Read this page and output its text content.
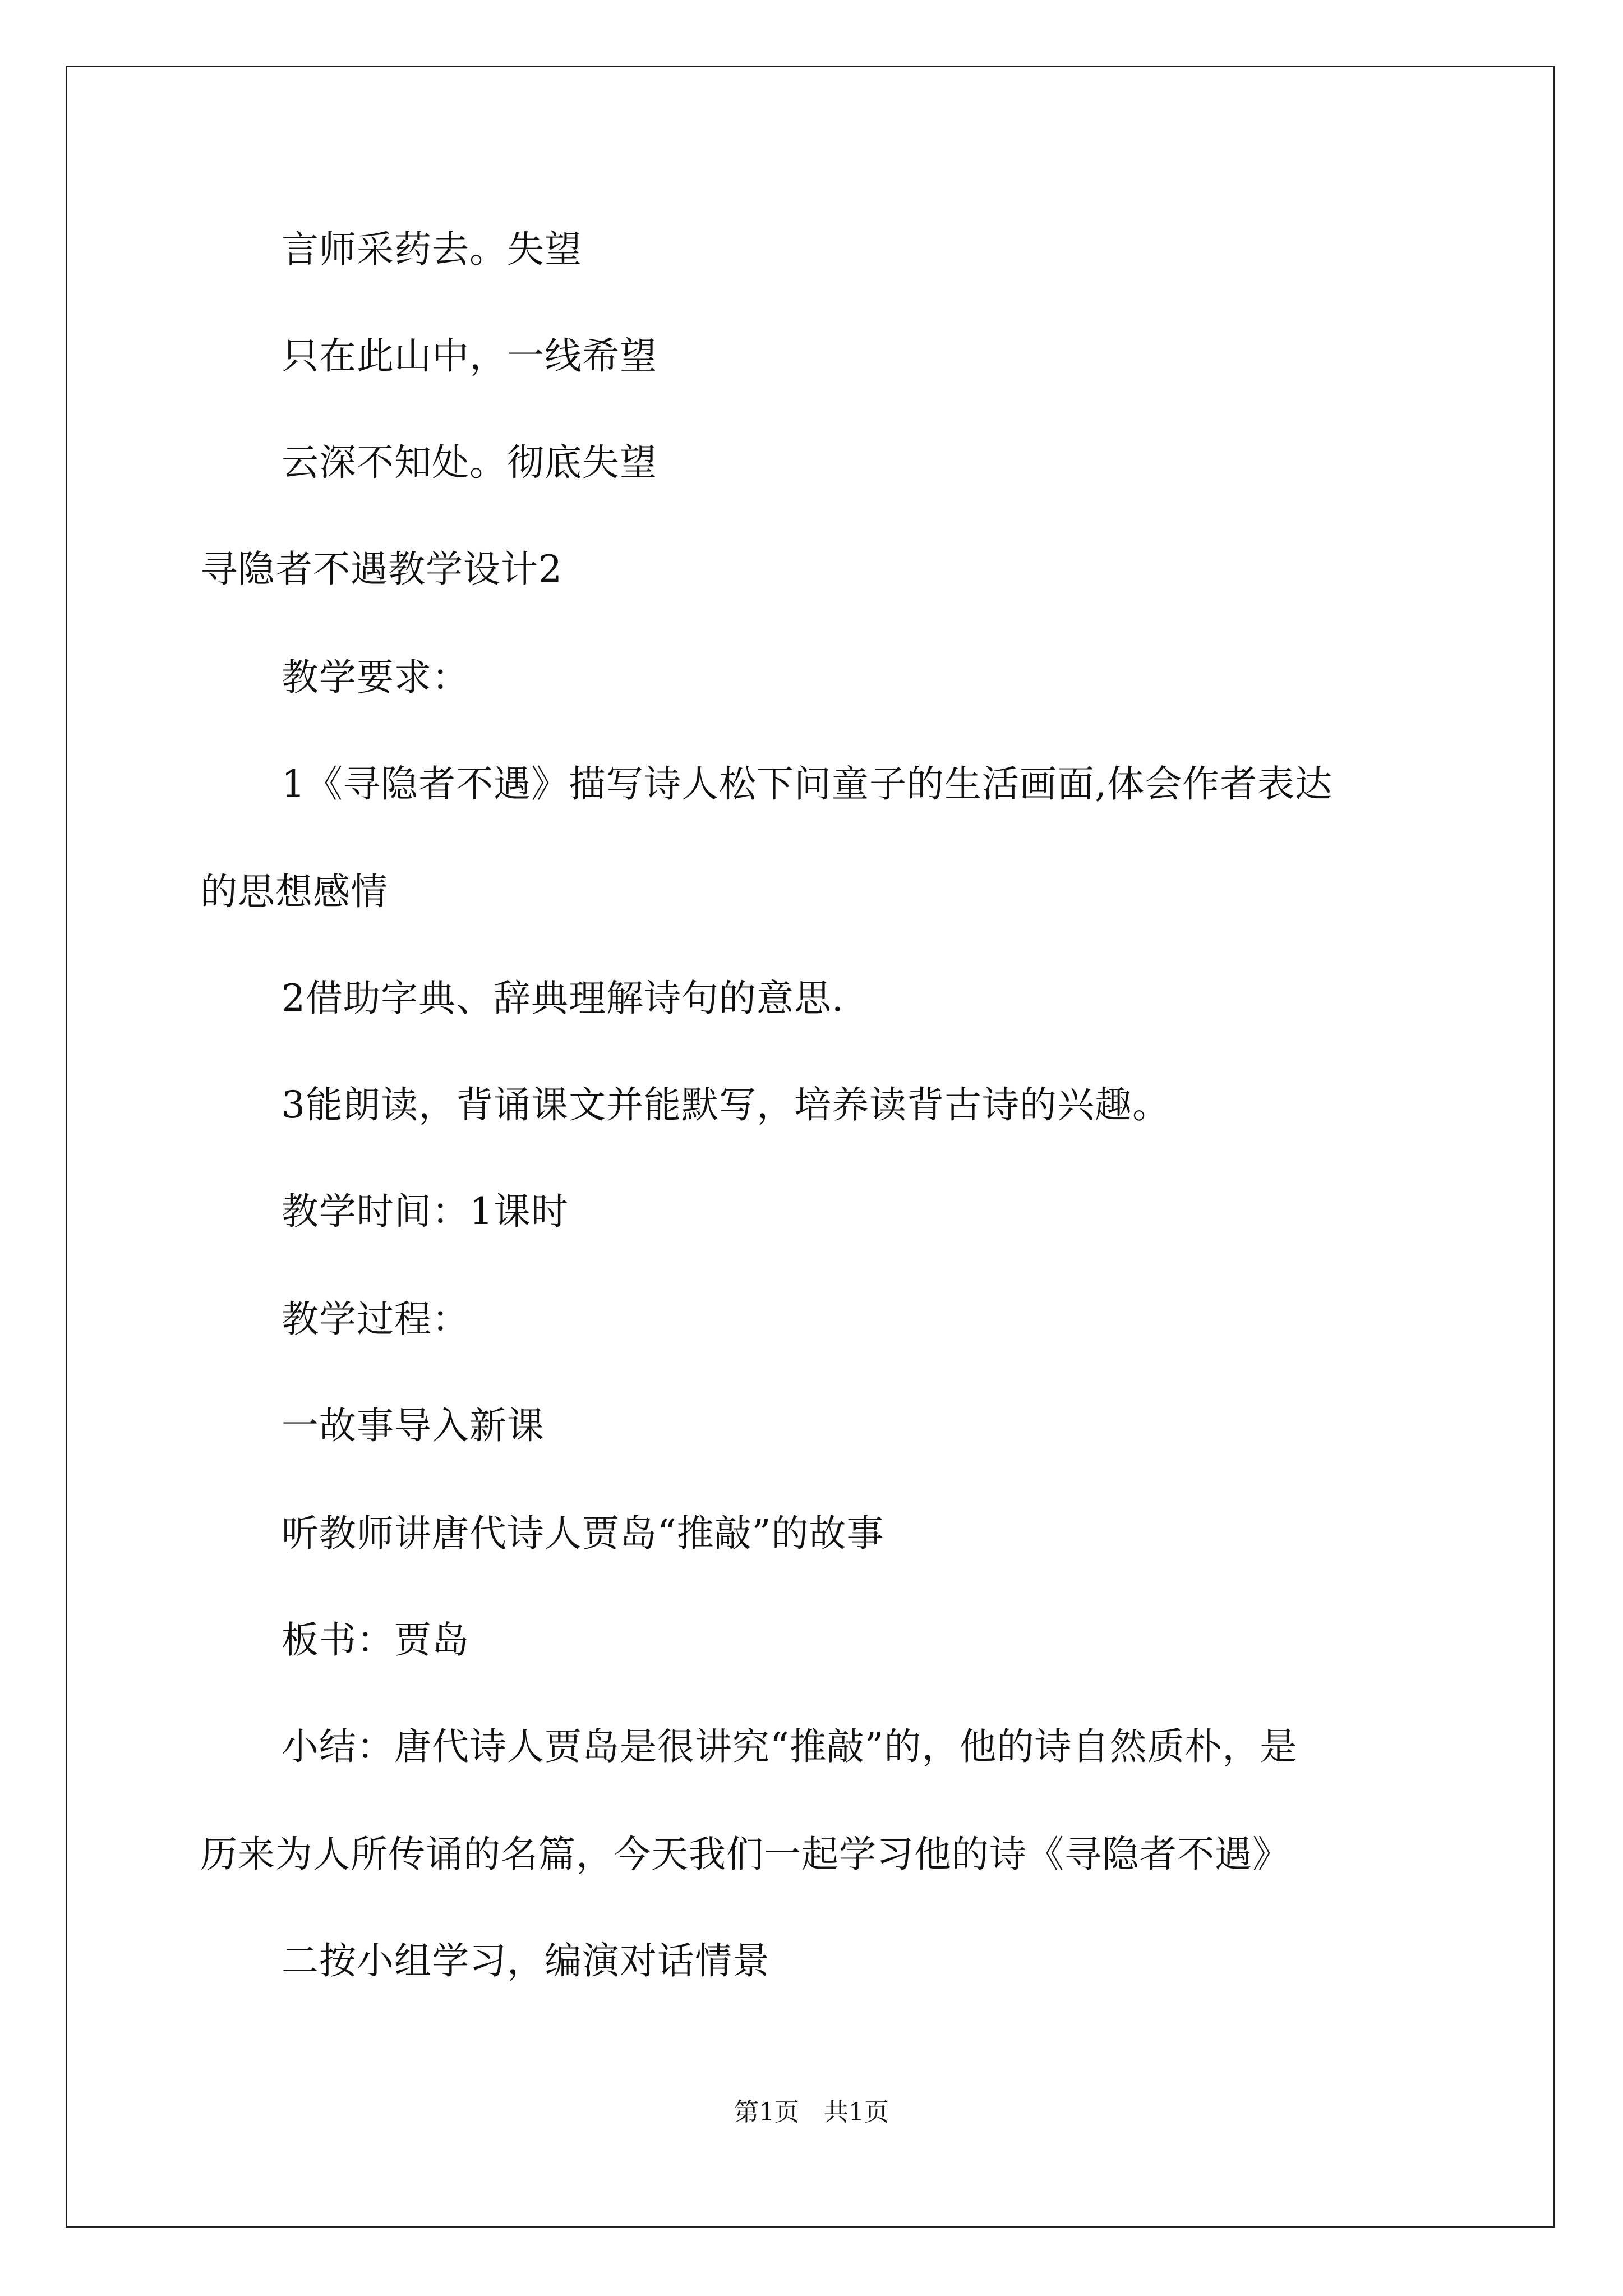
言师采药去。失望
只在此山中，一线希望
云深不知处。彻底失望
寻隐者不遇教学设计2
教学要求：
1《寻隐者不遇》描写诗人松下问童子的生活画面,体会作者表达
的思想感情
2借助字典、辞典理解诗句的意思.
3能朗读，背诵课文并能默写，培养读背古诗的兴趣。
教学时间：1课时
教学过程：
一故事导入新课
听教师讲唐代诗人贾岛“推敲”的故事
板书：贾岛
小结：唐代诗人贾岛是很讲究“推敲”的，他的诗自然质朴，是
历来为人所传诵的名篇，今天我们一起学习他的诗《寻隐者不遇》
二按小组学习，编演对话情景
第1页　共1页
